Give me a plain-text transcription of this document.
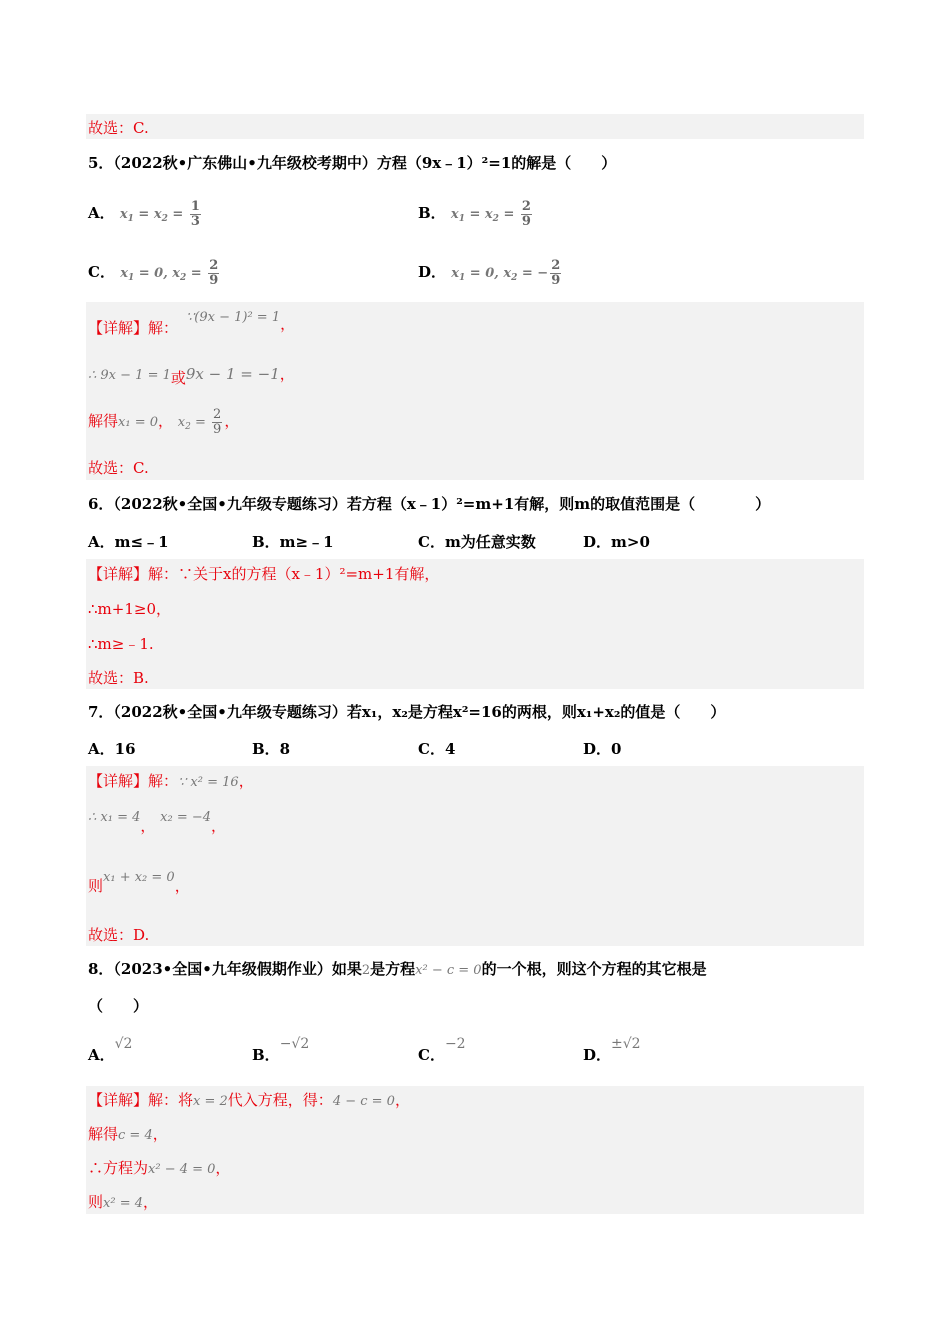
故选：C.
5．（2022秋•广东佛山•九年级校考期中）方程（9x﹣1）²=1的解是（　　）
A． $x_1 = x_2 = \frac{1}{3}$	B． $x_1 = x_2 = \frac{2}{9}$
C． $x_1 = 0$, $x_2 = \frac{2}{9}$	D． $x_1 = 0$, $x_2$ = − $\frac{2}{9}$
【详解】解：
∵(9x − 1)² = 1，
∴ 9x − 1 = 1或9x − 1 = −1，
解得x₁ = 0， $x_2 = \frac{2}{9}$ ，
故选：C.
6．（2022秋•全国•九年级专题练习）若方程（x﹣1）²=m+1有解，则m的取值范围是（　　　　）
A．m≤﹣1	B．m≥﹣1	C．m为任意实数	D．m>0
【详解】解：∵关于x的方程（x﹣1）²=m+1有解，
∴m+1≥0，
∴m≥﹣1.
故选：B.
7．（2022秋•全国•九年级专题练习）若x₁，x₂是方程x²=16的两根，则x₁+x₂的值是（　　）
A．16	B．8	C．4	D．0
【详解】解：∵ x² = 16，
∴ x₁ = 4， x₂ = −4，
则x₁ + x₂ = 0，
故选：D.
8．（2023•全国•九年级假期作业）如果2是方程x² − c = 0的一个根，则这个方程的其它根是
（　　）
A．√2
B．−√2
C．−2
D．±√2
【详解】解：将x = 2代入方程，得：4 − c = 0，
解得c = 4，
∴方程为x² − 4 = 0，
则x² = 4，
